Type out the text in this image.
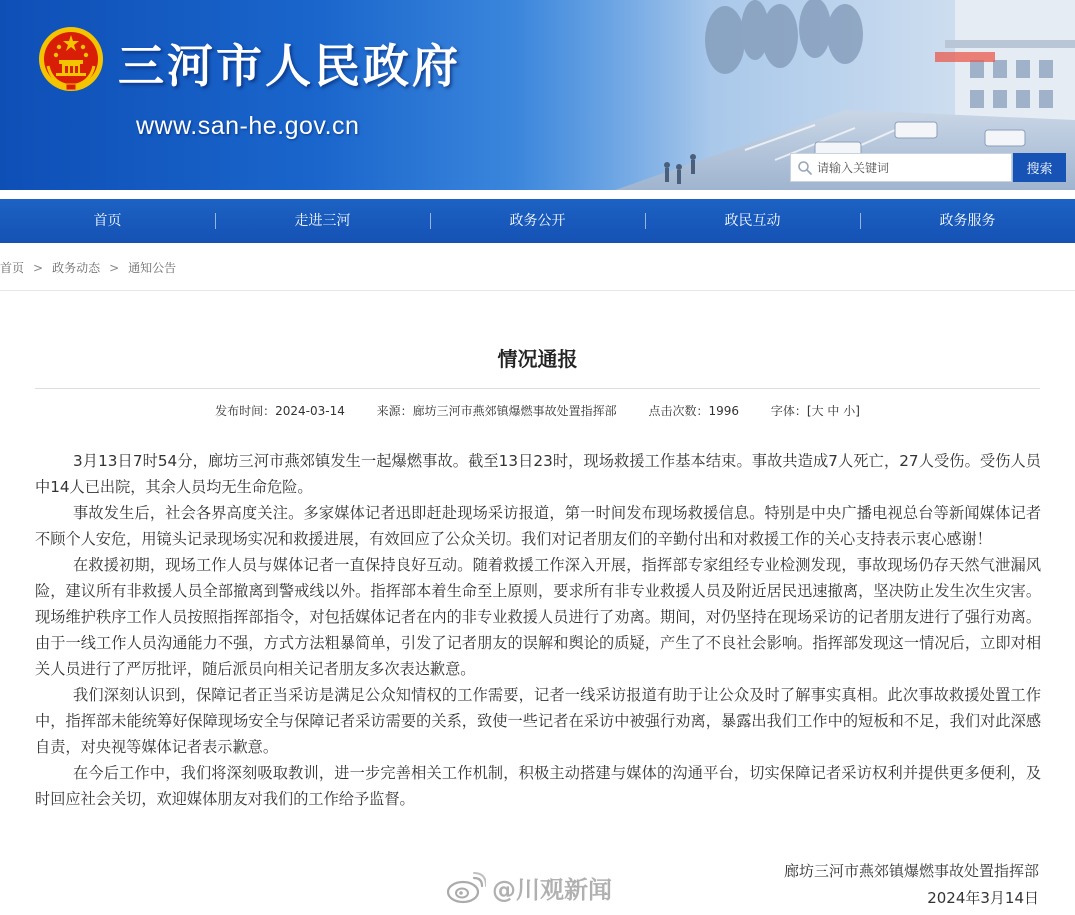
三河市人民政府
www.san-he.gov.cn
请输入关键词
搜索
首页	走进三河	政务公开	政民互动	政务服务
首页 > 政务动态 > 通知公告
情况通报
发布时间：2024-03-14	来源：廊坊三河市燕郊镇爆燃事故处置指挥部	点击次数：1996	字体：[大 中 小]

3月13日7时54分，廊坊三河市燕郊镇发生一起爆燃事故。截至13日23时，现场救援工作基本结束。事故共造成7人死亡，27人受伤。受伤人员中14人已出院，其余人员均无生命危险。

事故发生后，社会各界高度关注。多家媒体记者迅即赶赴现场采访报道，第一时间发布现场救援信息。特别是中央广播电视总台等新闻媒体记者不顾个人安危，用镜头记录现场实况和救援进展，有效回应了公众关切。我们对记者朋友们的辛勤付出和对救援工作的关心支持表示衷心感谢！

在救援初期，现场工作人员与媒体记者一直保持良好互动。随着救援工作深入开展，指挥部专家组经专业检测发现，事故现场仍存天然气泄漏风险，建议所有非救援人员全部撤离到警戒线以外。指挥部本着生命至上原则，要求所有非专业救援人员及附近居民迅速撤离，坚决防止发生次生灾害。现场维护秩序工作人员按照指挥部指令，对包括媒体记者在内的非专业救援人员进行了劝离。期间，对仍坚持在现场采访的记者朋友进行了强行劝离。由于一线工作人员沟通能力不强，方式方法粗暴简单，引发了记者朋友的误解和舆论的质疑，产生了不良社会影响。指挥部发现这一情况后，立即对相关人员进行了严厉批评，随后派员向相关记者朋友多次表达歉意。

我们深刻认识到，保障记者正当采访是满足公众知情权的工作需要，记者一线采访报道有助于让公众及时了解事实真相。此次事故救援处置工作中，指挥部未能统筹好保障现场安全与保障记者采访需要的关系，致使一些记者在采访中被强行劝离，暴露出我们工作中的短板和不足，我们对此深感自责，对央视等媒体记者表示歉意。

在今后工作中，我们将深刻吸取教训，进一步完善相关工作机制，积极主动搭建与媒体的沟通平台，切实保障记者采访权利并提供更多便利，及时回应社会关切，欢迎媒体朋友对我们的工作给予监督。

廊坊三河市燕郊镇爆燃事故处置指挥部
2024年3月14日
@川观新闻
